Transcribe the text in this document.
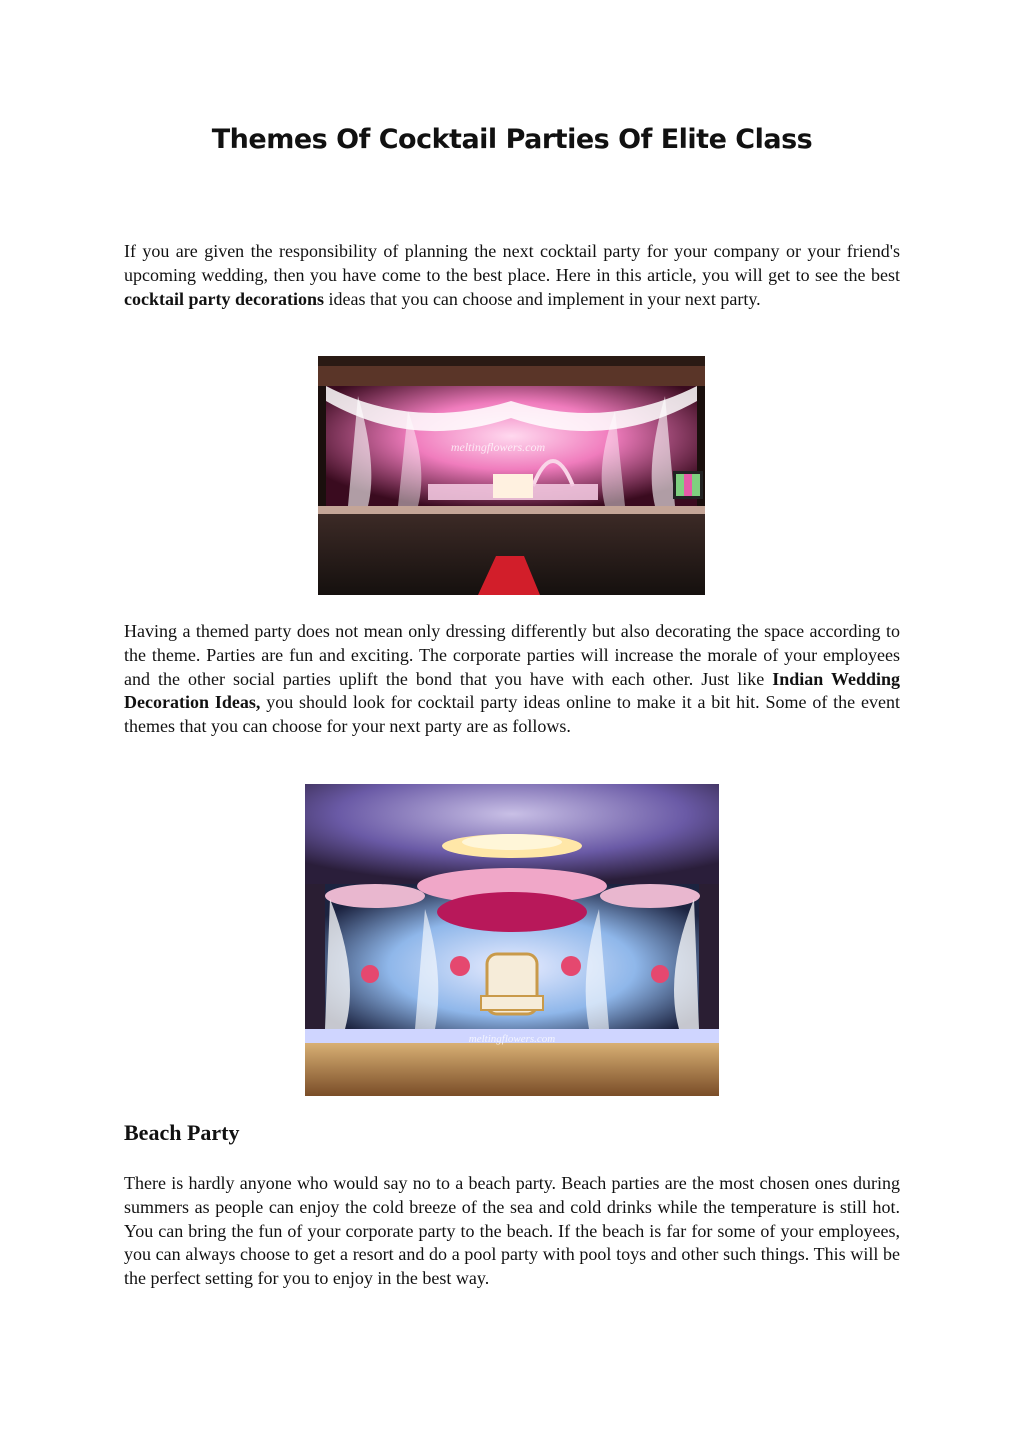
Themes Of Cocktail Parties Of Elite Class

If you are given the responsibility of planning the next cocktail party for your company or your friend's upcoming wedding, then you have come to the best place. Here in this article, you will get to see the best cocktail party decorations ideas that you can choose and implement in your next party.

meltingflowers.com

Having a themed party does not mean only dressing differently but also decorating the space according to the theme. Parties are fun and exciting. The corporate parties will increase the morale of your employees and the other social parties uplift the bond that you have with each other. Just like Indian Wedding Decoration Ideas, you should look for cocktail party ideas online to make it a bit hit. Some of the event themes that you can choose for your next party are as follows.

meltingflowers.com
Beach Party

There is hardly anyone who would say no to a beach party. Beach parties are the most chosen ones during summers as people can enjoy the cold breeze of the sea and cold drinks while the temperature is still hot. You can bring the fun of your corporate party to the beach. If the beach is far for some of your employees, you can always choose to get a resort and do a pool party with pool toys and other such things. This will be the perfect setting for you to enjoy in the best way.
